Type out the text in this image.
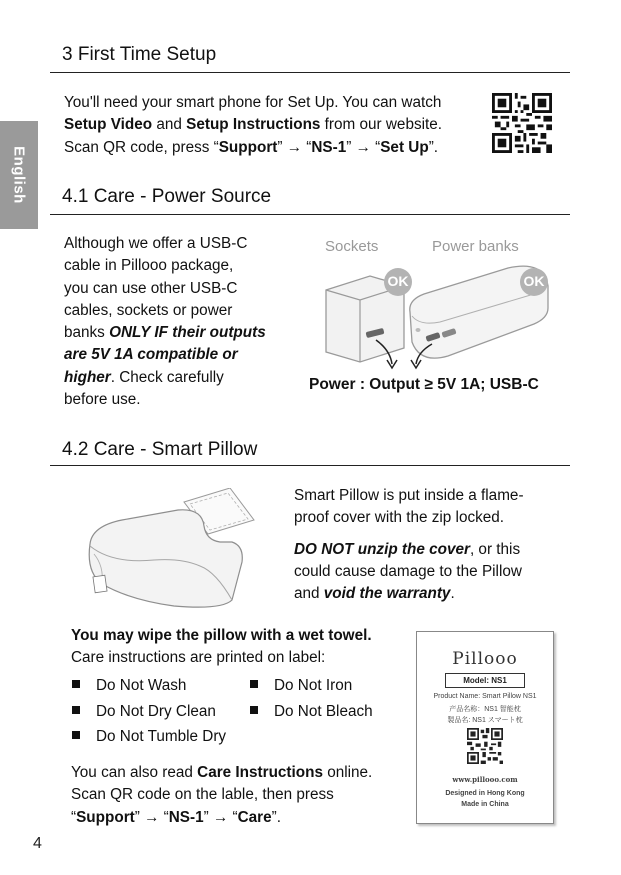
English
3 First Time Setup
You'll need your smart phone for Set Up. You can watch
Setup Video and Setup Instructions from our website.
Scan QR code, press “Support” → “NS-1” → “Set Up”.
4.1 Care - Power Source
Although we offer a USB-C
cable in Pillooo package,
you can use other USB-C
cables, sockets or power
banks ONLY IF their outputs
are 5V 1A compatible or
higher. Check carefully
before use.
Sockets	Power banks
OK	OK
Power : Output ≥ 5V 1A; USB-C
4.2 Care - Smart Pillow
Smart Pillow is put inside a flame-
proof cover with the zip locked.
DO NOT unzip the cover, or this
could cause damage to the Pillow
and void the warranty.
You may wipe the pillow with a wet towel.
Care instructions are printed on label:
Do Not Wash	Do Not Iron
Do Not Dry Clean	Do Not Bleach
Do Not Tumble Dry
You can also read Care Instructions online.
Scan QR code on the lable, then press
“Support” → “NS-1” → “Care”.
Pillooo
Model: NS1
Product Name: Smart Pillow NS1
产品名称：NS1 智能枕
製品名: NS1 スマート枕
www.pillooo.com
Designed in Hong Kong
Made in China
4
